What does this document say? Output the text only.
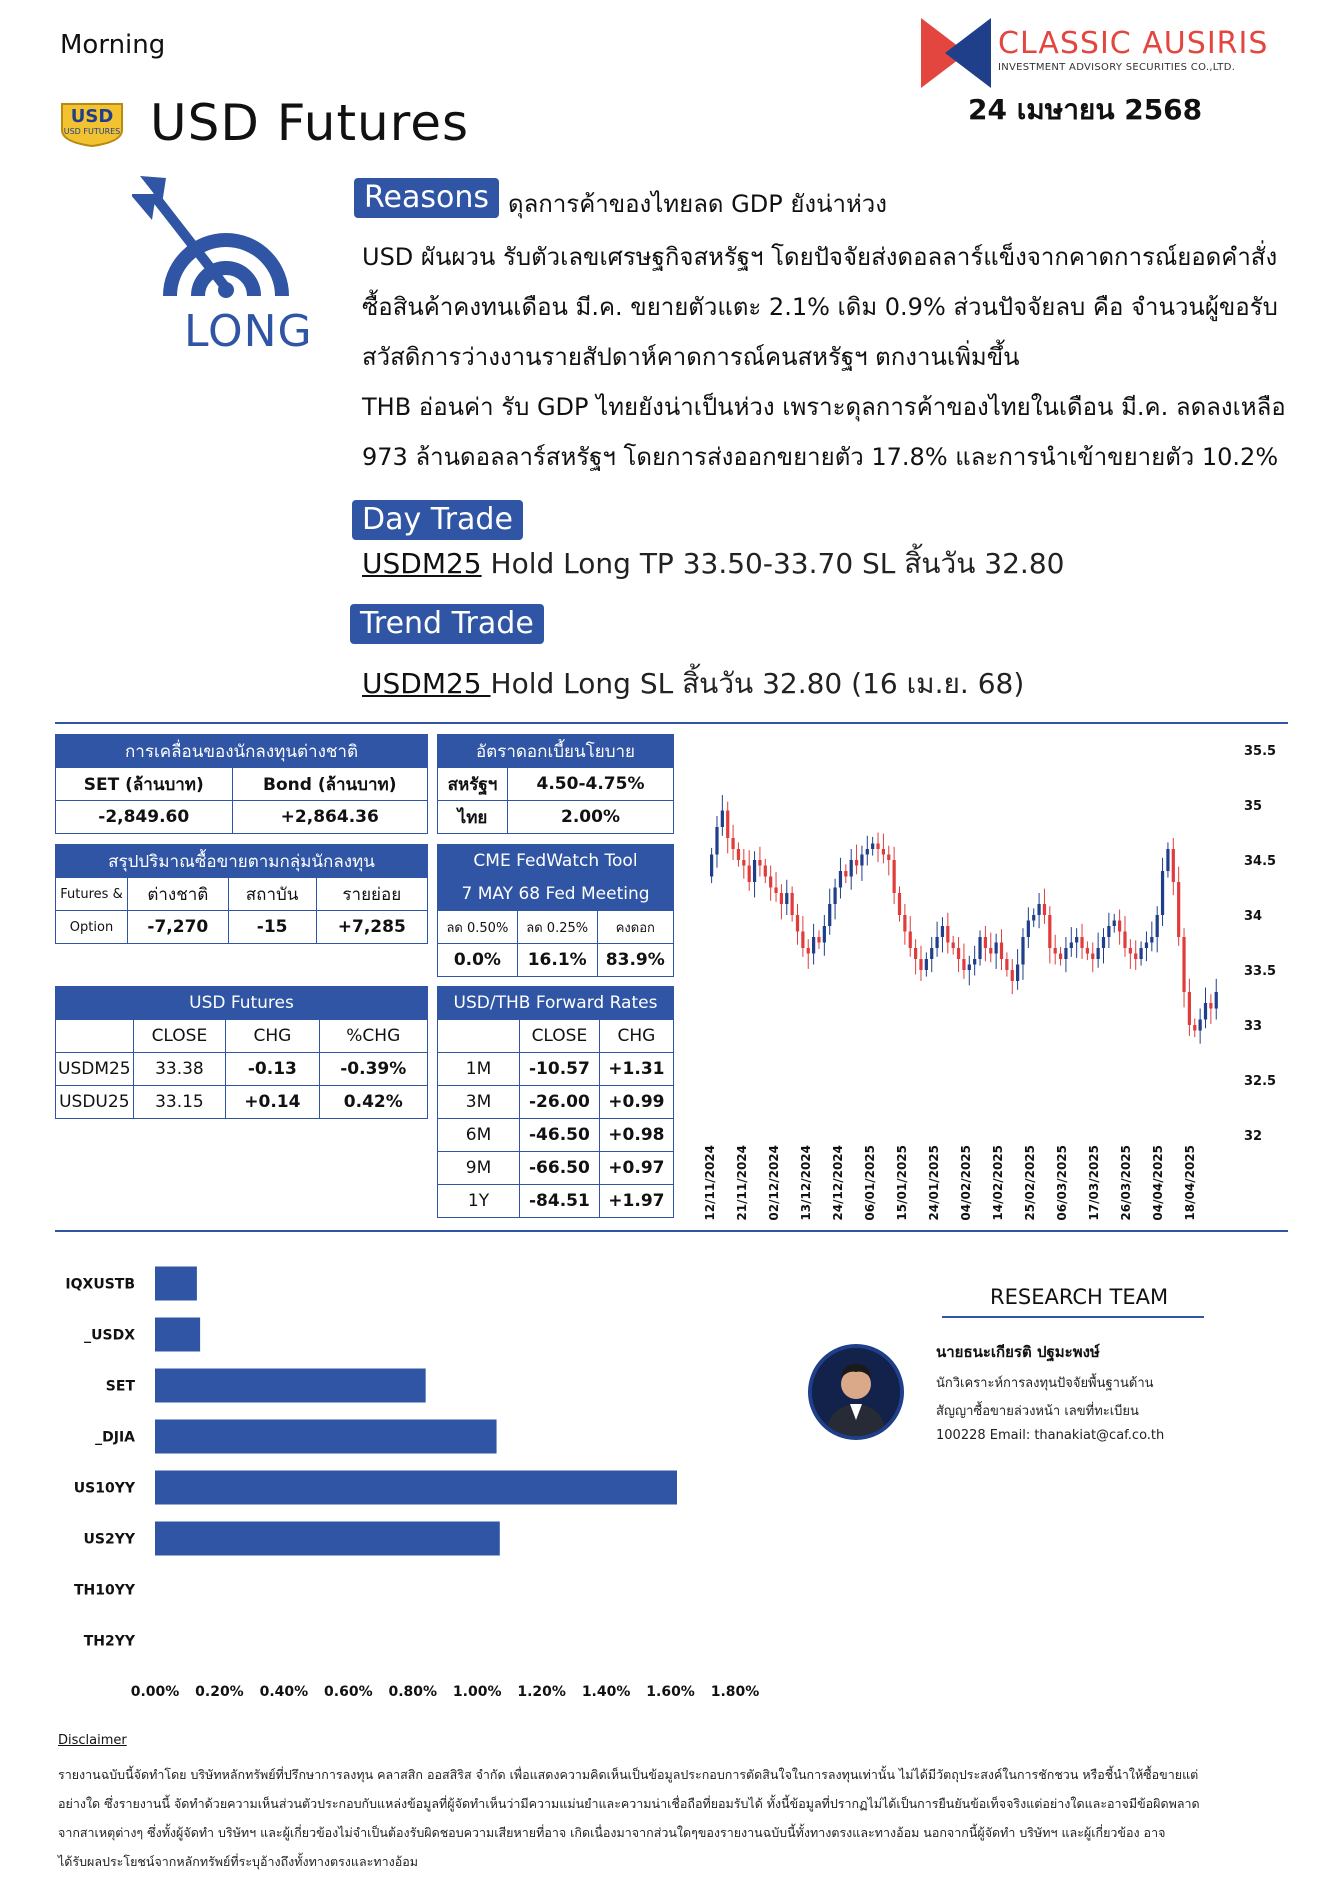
Morning	CLASSIC AUSIRIS
INVESTMENT ADVISORY SECURITIES CO.,LTD.
24 เมษายน 2568
USD
USD FUTURES USD Futures
LONG
Reasons ดุลการค้าของไทยลด GDP ยังน่าห่วง
USD ผันผวน รับตัวเลขเศรษฐกิจสหรัฐฯ โดยปัจจัยส่งดอลลาร์แข็งจากคาดการณ์ยอดคำสั่ง
ซื้อสินค้าคงทนเดือน มี.ค. ขยายตัวแตะ 2.1% เดิม 0.9% ส่วนปัจจัยลบ คือ จำนวนผู้ขอรับ
สวัสดิการว่างงานรายสัปดาห์คาดการณ์คนสหรัฐฯ ตกงานเพิ่มขึ้น
THB อ่อนค่า รับ GDP ไทยยังน่าเป็นห่วง เพราะดุลการค้าของไทยในเดือน มี.ค. ลดลงเหลือ
973 ล้านดอลลาร์สหรัฐฯ โดยการส่งออกขยายตัว 17.8% และการนำเข้าขยายตัว 10.2%
Day Trade
USDM25 Hold Long TP 33.50-33.70 SL สิ้นวัน 32.80
Trend Trade
USDM25 Hold Long SL สิ้นวัน 32.80 (16 เม.ย. 68)
การเคลื่อนของนักลงทุนต่างชาติ	
SET (ล้านบาท)	Bond (ล้านบาท)
-2,849.60	+2,864.36
อัตราดอกเบี้ยนโยบาย	
สหรัฐฯ	4.50-4.75%
ไทย	2.00%
สรุปปริมาณซื้อขายตามกลุ่มนักลงทุน			
Futures &	ต่างชาติ	สถาบัน	รายย่อย
Option	-7,270	-15	+7,285
CME FedWatch Tool		
7 MAY 68 Fed Meeting		
ลด 0.50%	ลด 0.25%	คงดอก
0.0%	16.1%	83.9%
USD Futures			
	CLOSE	CHG	%CHG
USDM25	33.38	-0.13	-0.39%
USDU25	33.15	+0.14	0.42%
USD/THB Forward Rates		
	CLOSE	CHG
1M	-10.57	+1.31
3M	-26.00	+0.99
6M	-46.50	+0.98
9M	-66.50	+0.97
1Y	-84.51	+1.97
35.5
35
34.5
34
33.5
33
32.5
32
12/11/2024 21/11/2024 02/12/2024 13/12/2024 24/12/2024 06/01/2025 15/01/2025 24/01/2025 04/02/2025 14/02/2025 25/02/2025 06/03/2025 17/03/2025 26/03/2025 04/04/2025 18/04/2025
IQXUSTB
_USDX
SET
_DJIA
US10YY
US2YY
TH10YY
TH2YY
0.00% 0.20% 0.40% 0.60% 0.80% 1.00% 1.20% 1.40% 1.60% 1.80%
RESEARCH TEAM
นายธนะเกียรติ ปฐมะพงษ์
นักวิเคราะห์การลงทุนปัจจัยพื้นฐานด้าน
สัญญาซื้อขายล่วงหน้า เลขที่ทะเบียน
100228 Email: thanakiat@caf.co.th
Disclaimer
รายงานฉบับนี้จัดทำโดย บริษัทหลักทรัพย์ที่ปรึกษาการลงทุน คลาสสิก ออสสิริส จำกัด เพื่อแสดงความคิดเห็นเป็นข้อมูลประกอบการตัดสินใจในการลงทุนเท่านั้น ไม่ได้มีวัตถุประสงค์ในการชักชวน หรือชี้นำให้ซื้อขายแต่
อย่างใด ซึ่งรายงานนี้ จัดทำด้วยความเห็นส่วนตัวประกอบกับแหล่งข้อมูลที่ผู้จัดทำเห็นว่ามีความแม่นยำและความน่าเชื่อถือที่ยอมรับได้ ทั้งนี้ข้อมูลที่ปรากฏไม่ได้เป็นการยืนยันข้อเท็จจริงแต่อย่างใดและอาจมีข้อผิดพลาด
จากสาเหตุต่างๆ ซึ่งทั้งผู้จัดทำ บริษัทฯ และผู้เกี่ยวข้องไม่จำเป็นต้องรับผิดชอบความเสียหายที่อาจ เกิดเนื่องมาจากส่วนใดๆของรายงานฉบับนี้ทั้งทางตรงและทางอ้อม นอกจากนี้ผู้จัดทำ บริษัทฯ และผู้เกี่ยวข้อง อาจ
ได้รับผลประโยชน์จากหลักทรัพย์ที่ระบุอ้างถึงทั้งทางตรงและทางอ้อม
